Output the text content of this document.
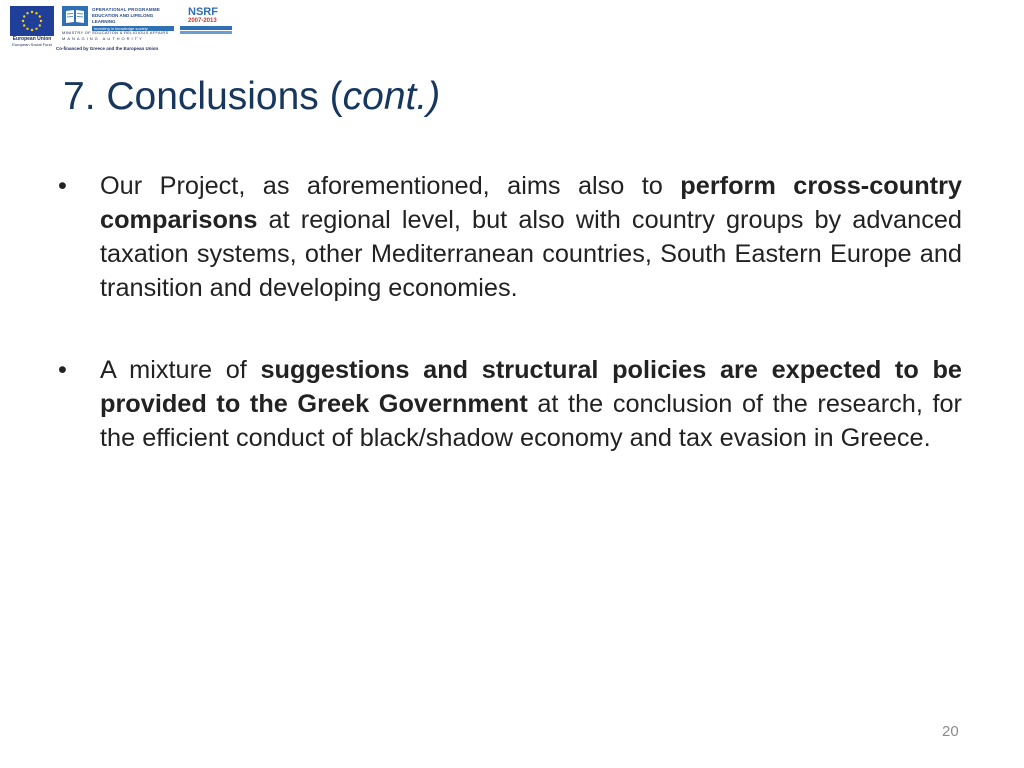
European Union
European Social Fund
OPERATIONAL PROGRAMME
EDUCATION AND LIFELONG LEARNING
investing in knowledge society
MINISTRY OF EDUCATION & RELIGIOUS AFFAIRS
MANAGING AUTHORITY
NSRF
2007-2013
Co-financed by Greece and the European Union
7. Conclusions (cont.)
• Our Project, as aforementioned, aims also to perform cross-country comparisons at regional level, but also with country groups by advanced taxation systems, other Mediterranean countries, South Eastern Europe and transition and developing economies.
• A mixture of suggestions and structural policies are expected to be provided to the Greek Government at the conclusion of the research, for the efficient conduct of black/shadow economy and tax evasion in Greece.
20
